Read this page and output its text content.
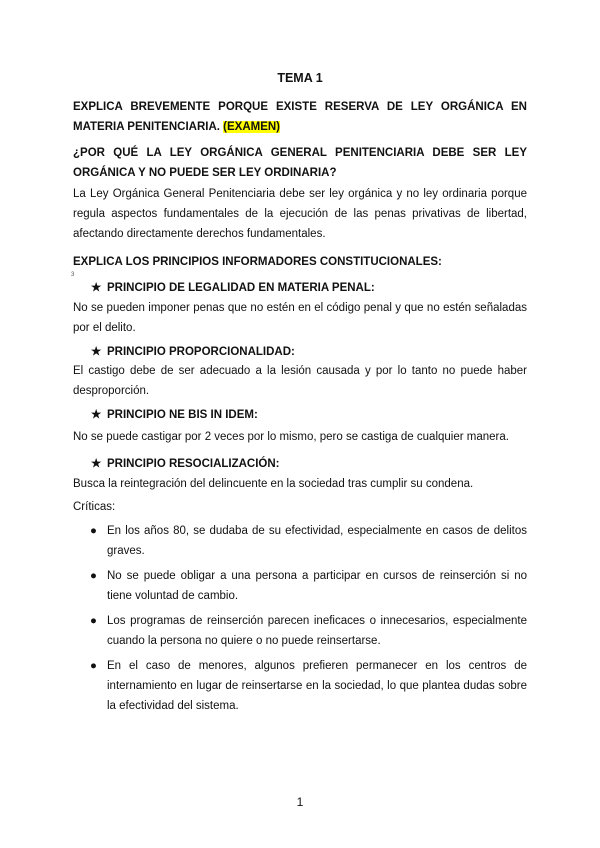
TEMA 1
EXPLICA BREVEMENTE PORQUE EXISTE RESERVA DE LEY ORGÁNICA EN MATERIA PENITENCIARIA. (EXAMEN)
¿POR QUÉ LA LEY ORGÁNICA GENERAL PENITENCIARIA DEBE SER LEY ORGÁNICA Y NO PUEDE SER LEY ORDINARIA?
La Ley Orgánica General Penitenciaria debe ser ley orgánica y no ley ordinaria porque regula aspectos fundamentales de la ejecución de las penas privativas de libertad, afectando directamente derechos fundamentales.
EXPLICA LOS PRINCIPIOS INFORMADORES CONSTITUCIONALES:
3
★ PRINCIPIO DE LEGALIDAD EN MATERIA PENAL:
No se pueden imponer penas que no estén en el código penal y que no estén señaladas por el delito.
★ PRINCIPIO PROPORCIONALIDAD:
El castigo debe de ser adecuado a la lesión causada y por lo tanto no puede haber desproporción.
★ PRINCIPIO NE BIS IN IDEM:
No se puede castigar por 2 veces por lo mismo, pero se castiga de cualquier manera.
★ PRINCIPIO RESOCIALIZACIÓN:
Busca la reintegración del delincuente en la sociedad tras cumplir su condena.
Críticas:
● En los años 80, se dudaba de su efectividad, especialmente en casos de delitos graves.
● No se puede obligar a una persona a participar en cursos de reinserción si no tiene voluntad de cambio.
● Los programas de reinserción parecen ineficaces o innecesarios, especialmente cuando la persona no quiere o no puede reinsertarse.
● En el caso de menores, algunos prefieren permanecer en los centros de internamiento en lugar de reinsertarse en la sociedad, lo que plantea dudas sobre la efectividad del sistema.
1
